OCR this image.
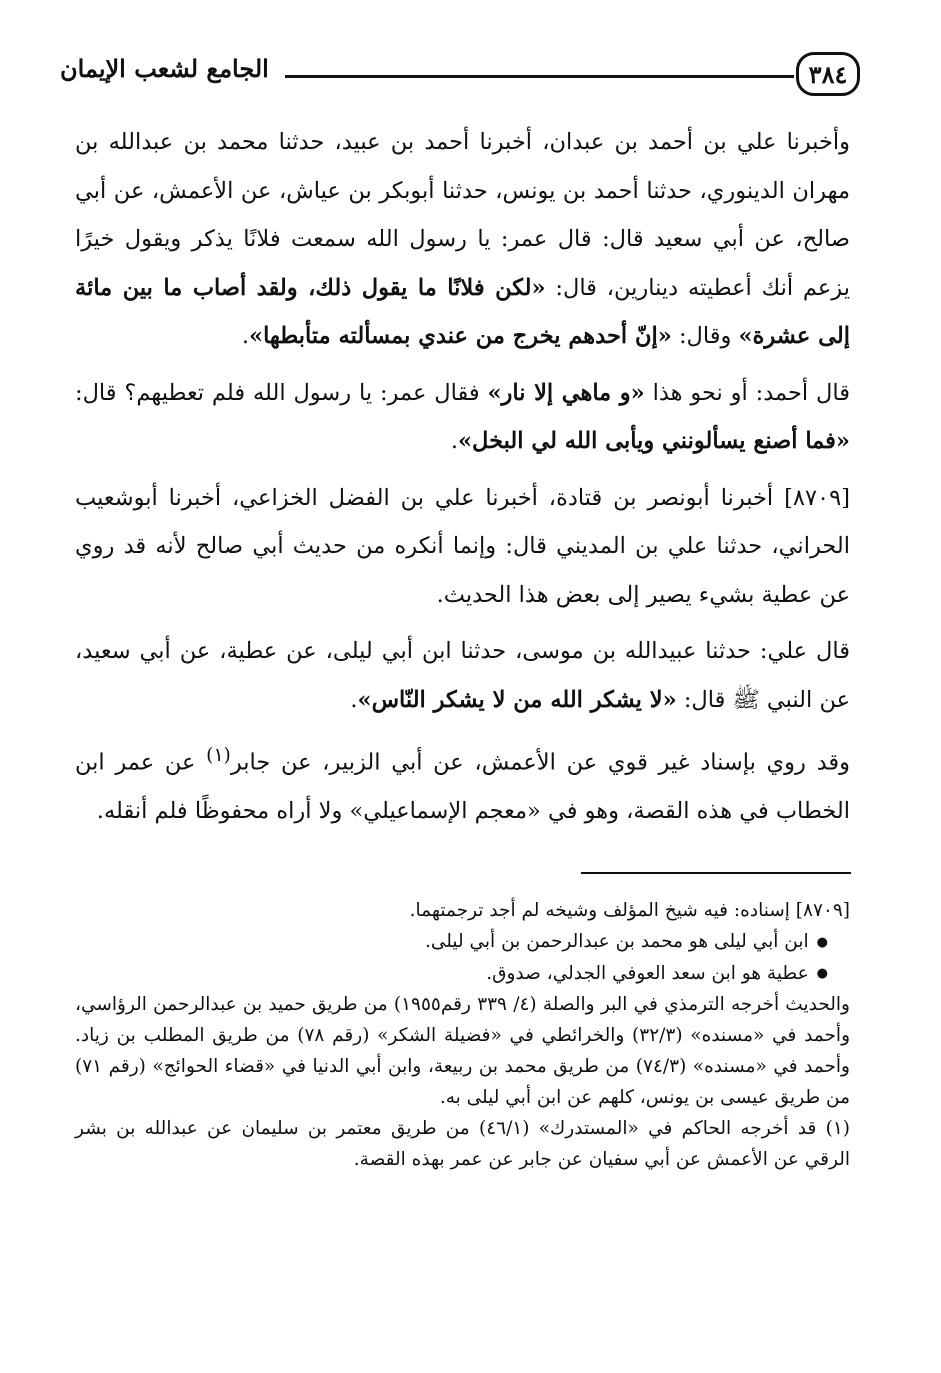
٣٨٤
الجامع لشعب الإيمان

وأخبرنا علي بن أحمد بن عبدان، أخبرنا أحمد بن عبيد، حدثنا محمد بن عبدالله بن مهران الدينوري، حدثنا أحمد بن يونس، حدثنا أبوبكر بن عياش، عن الأعمش، عن أبي صالح، عن أبي سعيد قال: قال عمر: يا رسول الله سمعت فلانًا يذكر ويقول خيرًا يزعم أنك أعطيته دينارين، قال: «لكن فلانًا ما يقول ذلك، ولقد أصاب ما بين مائة إلى عشرة» وقال: «إنّ أحدهم يخرج من عندي بمسألته متأبطها».

قال أحمد: أو نحو هذا «و ماهي إلا نار» فقال عمر: يا رسول الله فلم تعطيهم؟ قال: «فما أصنع يسألونني ويأبى الله لي البخل».

[٨٧٠٩] أخبرنا أبونصر بن قتادة، أخبرنا علي بن الفضل الخزاعي، أخبرنا أبوشعيب الحراني، حدثنا علي بن المديني قال: وإنما أنكره من حديث أبي صالح لأنه قد روي عن عطية بشيء يصير إلى بعض هذا الحديث.

قال علي: حدثنا عبيدالله بن موسى، حدثنا ابن أبي ليلى، عن عطية، عن أبي سعيد، عن النبي ﷺ قال: «لا يشكر الله من لا يشكر النّاس».

وقد روي بإسناد غير قوي عن الأعمش، عن أبي الزبير، عن جابر$^{(١)}$ عن عمر ابن الخطاب في هذه القصة، وهو في «معجم الإسماعيلي» ولا أراه محفوظًا فلم أنقله.

[٨٧٠٩] إسناده: فيه شيخ المؤلف وشيخه لم أجد ترجمتهما.

● ابن أبي ليلى هو محمد بن عبدالرحمن بن أبي ليلى.

● عطية هو ابن سعد العوفي الجدلي، صدوق.

والحديث أخرجه الترمذي في البر والصلة (٤/ ٣٣٩ رقم١٩٥٥) من طريق حميد بن عبدالرحمن الرؤاسي، وأحمد في «مسنده» (٣٢/٣) والخرائطي في «فضيلة الشكر» (رقم ٧٨) من طريق المطلب بن زياد. وأحمد في «مسنده» (٧٤/٣) من طريق محمد بن ربيعة، وابن أبي الدنيا في «قضاء الحوائج» (رقم ٧١) من طريق عيسى بن يونس، كلهم عن ابن أبي ليلى به.

(١) قد أخرجه الحاكم في «المستدرك» (٤٦/١) من طريق معتمر بن سليمان عن عبدالله بن بشر الرقي عن الأعمش عن أبي سفيان عن جابر عن عمر بهذه القصة.
